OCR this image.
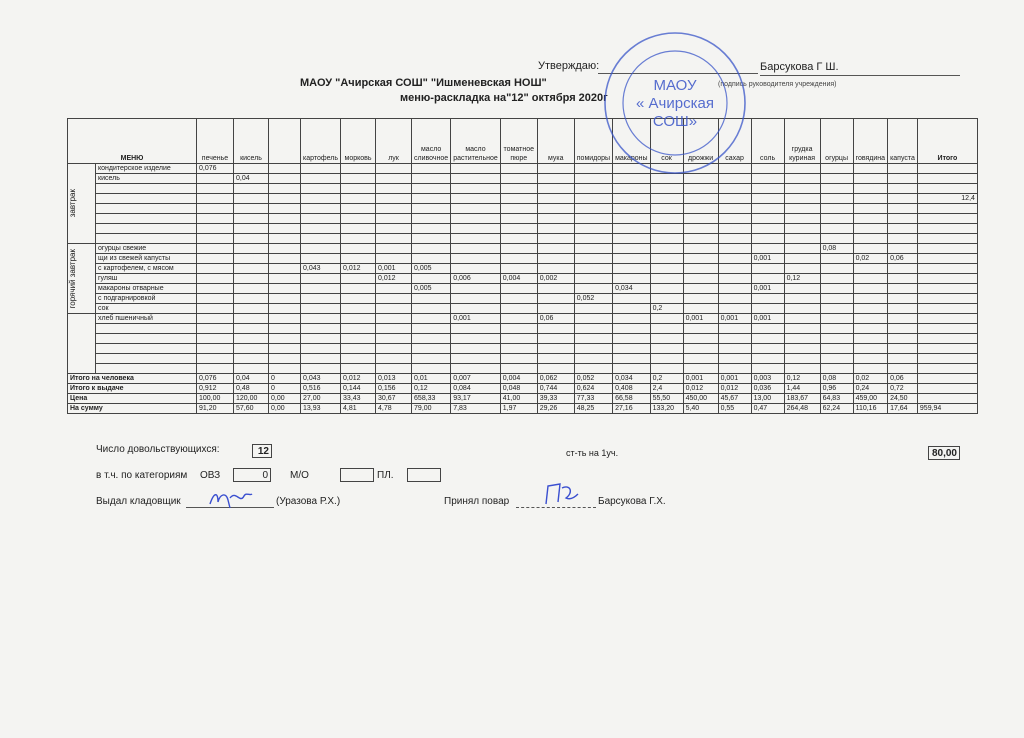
Утверждаю:	Барсукова Г Ш.
(подпись руководителя учреждения)
МАОУ "Ачирская СОШ" "Ишменевская НОШ"
меню-раскладка на"12" октября 2020г
МЕНЮ		печенье	кисель		картофель	морковь	лук	масло сливочное	масло растительное	томатное пюре	мука	помидоры	макароны	сок	дрожжи	сахар	соль	грудка куриная	огурцы	говядина	капуста	Итого

завтрак	кондитерское изделие	0,076																				
	кисель		0,04																			

																						12,4

горячий завтрак	огурцы свежие																		0,08			
	щи из свежей капусты																0,001			0,02	0,06	
	с картофелем, с мясом				0,043	0,012	0,001	0,005														
	гуляш						0,012		0,006	0,004	0,002							0,12				
	макароны отварные							0,005					0,034				0,001					
	с подгарнировкой											0,052										
	сок													0,2								

	хлеб пшеничный								0,001		0,06				0,001	0,001	0,001					

Итого на человека		0,076	0,04	0	0,043	0,012	0,013	0,01	0,007	0,004	0,062	0,052	0,034	0,2	0,001	0,001	0,003	0,12	0,08	0,02	0,06	
Итого к выдаче		0,912	0,48	0	0,516	0,144	0,156	0,12	0,084	0,048	0,744	0,624	0,408	2,4	0,012	0,012	0,036	1,44	0,96	0,24	0,72	
Цена		100,00	120,00	0,00	27,00	33,43	30,67	658,33	93,17	41,00	39,33	77,33	66,58	55,50	450,00	45,67	13,00	183,67	64,83	459,00	24,50	
На сумму		91,20	57,60	0,00	13,93	4,81	4,78	79,00	7,83	1,97	29,26	48,25	27,16	133,20	5,40	0,55	0,47	264,48	62,24	110,16	17,64	959,94
Число довольствующихся:	12	ст-ть на 1уч.	80,00
в т.ч. по категориям ОВЗ	0	М/О	ПЛ.
Выдал кладовщик	(Уразова Р.Х.)	Принял повар	Барсукова Г.Х.
МАОУ
« Ачирская
СОШ»
